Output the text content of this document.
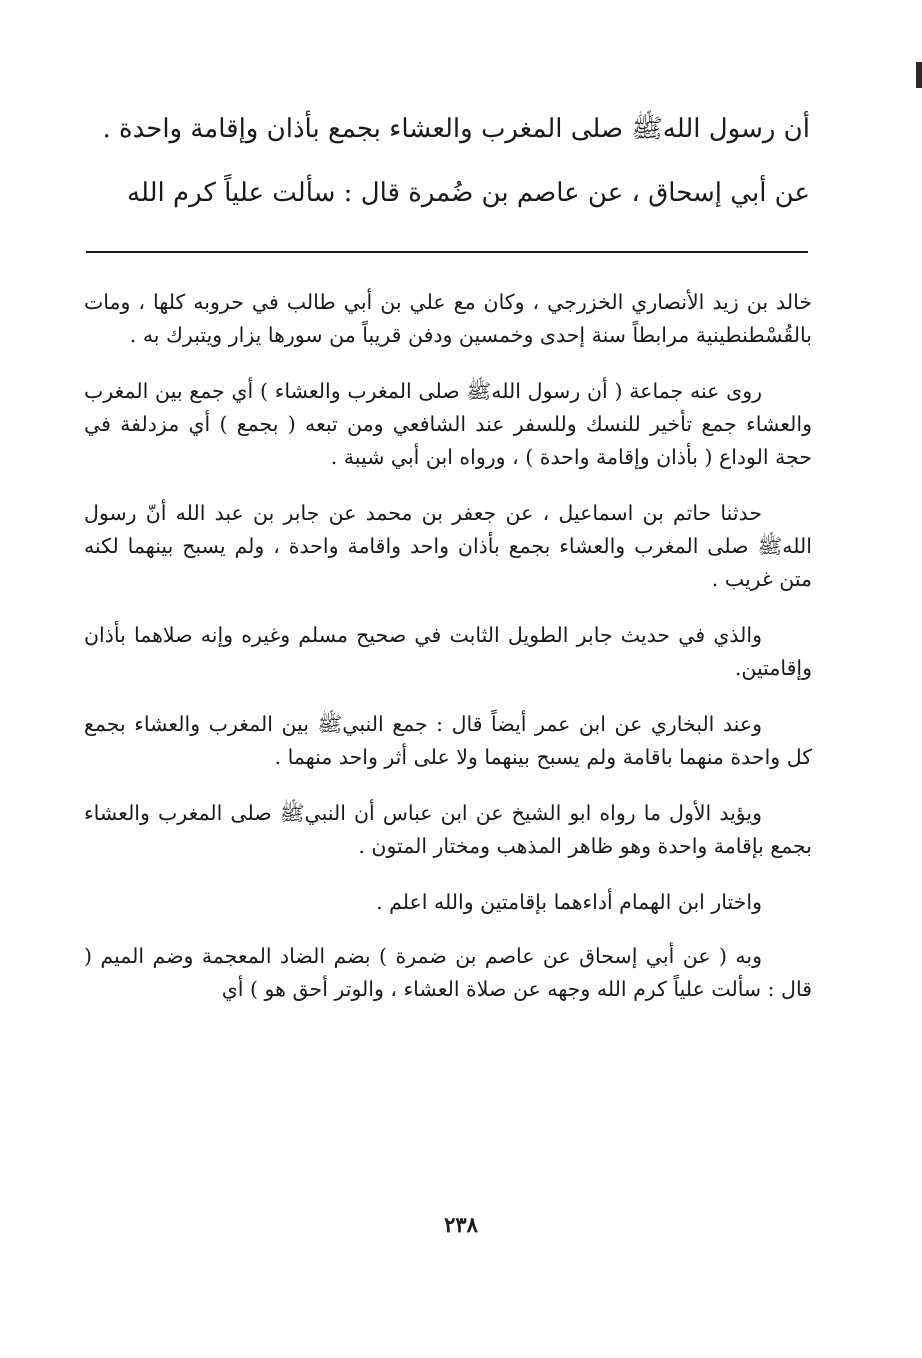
أن رسول اللهﷺ صلى المغرب والعشاء بجمع بأذان وإقامة واحدة .
عن أبي إسحاق ، عن عاصم بن ضُمرة قال : سألت علياً كرم الله

خالد بن زيد الأنصاري الخزرجي ، وكان مع علي بن أبي طالب في حروبه كلها ، ومات بالقُسْطنطينية مرابطاً سنة إحدى وخمسين ودفن قريباً من سورها يزار ويتبرك به .

روى عنه جماعة ( أن رسول اللهﷺ صلى المغرب والعشاء ) أي جمع بين المغرب والعشاء جمع تأخير للنسك وللسفر عند الشافعي ومن تبعه ( بجمع ) أي مزدلفة في حجة الوداع ( بأذان وإقامة واحدة ) ، ورواه ابن أبي شيبة .

حدثنا حاتم بن اسماعيل ، عن جعفر بن محمد عن جابر بن عبد الله أنّ رسول اللهﷺ صلى المغرب والعشاء بجمع بأذان واحد واقامة واحدة ، ولم يسبح بينهما لكنه متن غريب .

والذي في حديث جابر الطويل الثابت في صحيح مسلم وغيره وإنه صلاهما بأذان وإقامتين.

وعند البخاري عن ابن عمر أيضاً قال : جمع النبيﷺ بين المغرب والعشاء بجمع كل واحدة منهما باقامة ولم يسبح بينهما ولا على أثر واحد منهما .

ويؤيد الأول ما رواه ابو الشيخ عن ابن عباس أن النبيﷺ صلى المغرب والعشاء بجمع بإقامة واحدة وهو ظاهر المذهب ومختار المتون .

واختار ابن الهمام أداءهما بإقامتين والله اعلم .

وبه ( عن أبي إسحاق عن عاصم بن ضمرة ) بضم الضاد المعجمة وضم الميم ( قال : سألت علياً كرم الله وجهه عن صلاة العشاء ، والوتر أحق هو ) أي

٢٣٨
